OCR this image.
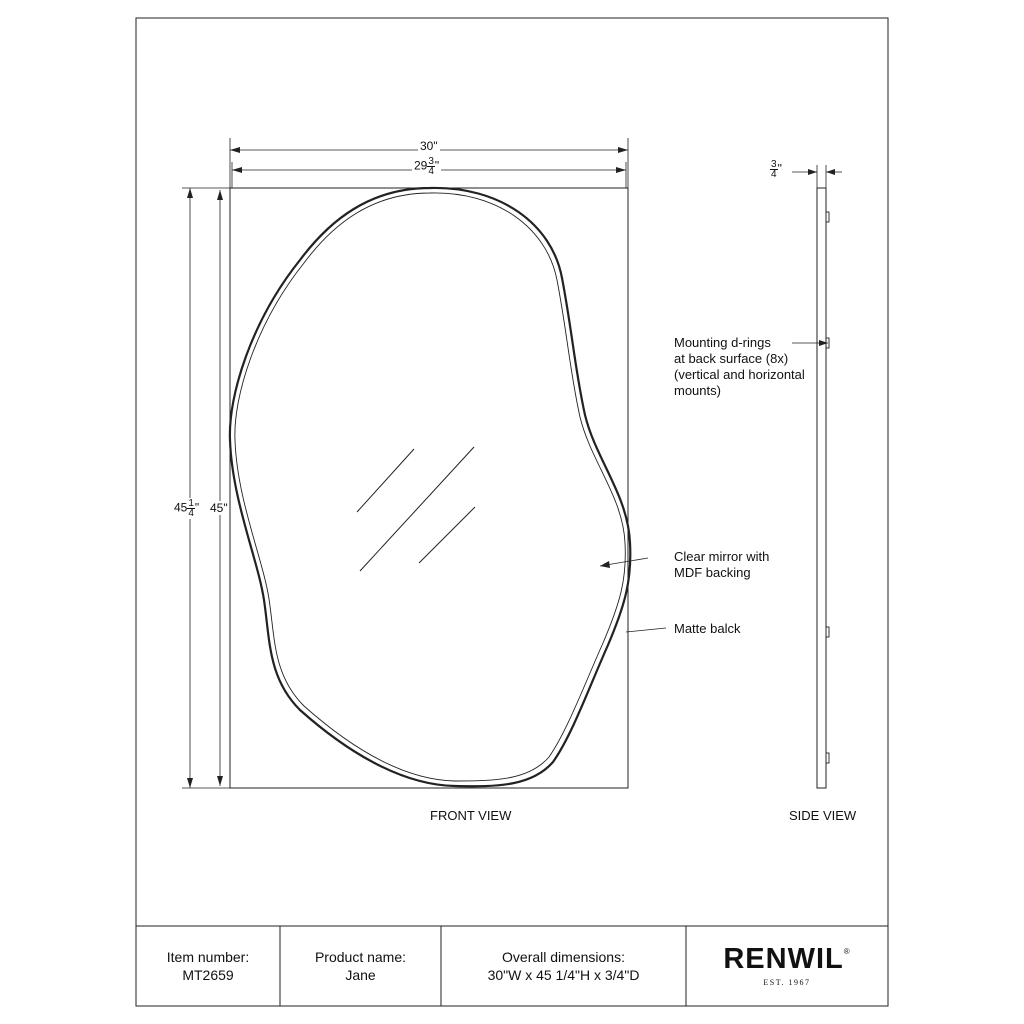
30"
$29 \frac{3}{4}$ "
$45 \frac{1}{4}$ " 45"
$\frac{3}{4}$ "
Mounting d-rings
at back surface (8x)
(vertical and horizontal
mounts)
Clear mirror with
MDF backing
Matte balck
FRONT VIEW	SIDE VIEW
Item number:
MT2659
Product name:
Jane
Overall dimensions:
30"W x 45 1/4"H x 3/4"D	RENWIL®
EST. 1967
